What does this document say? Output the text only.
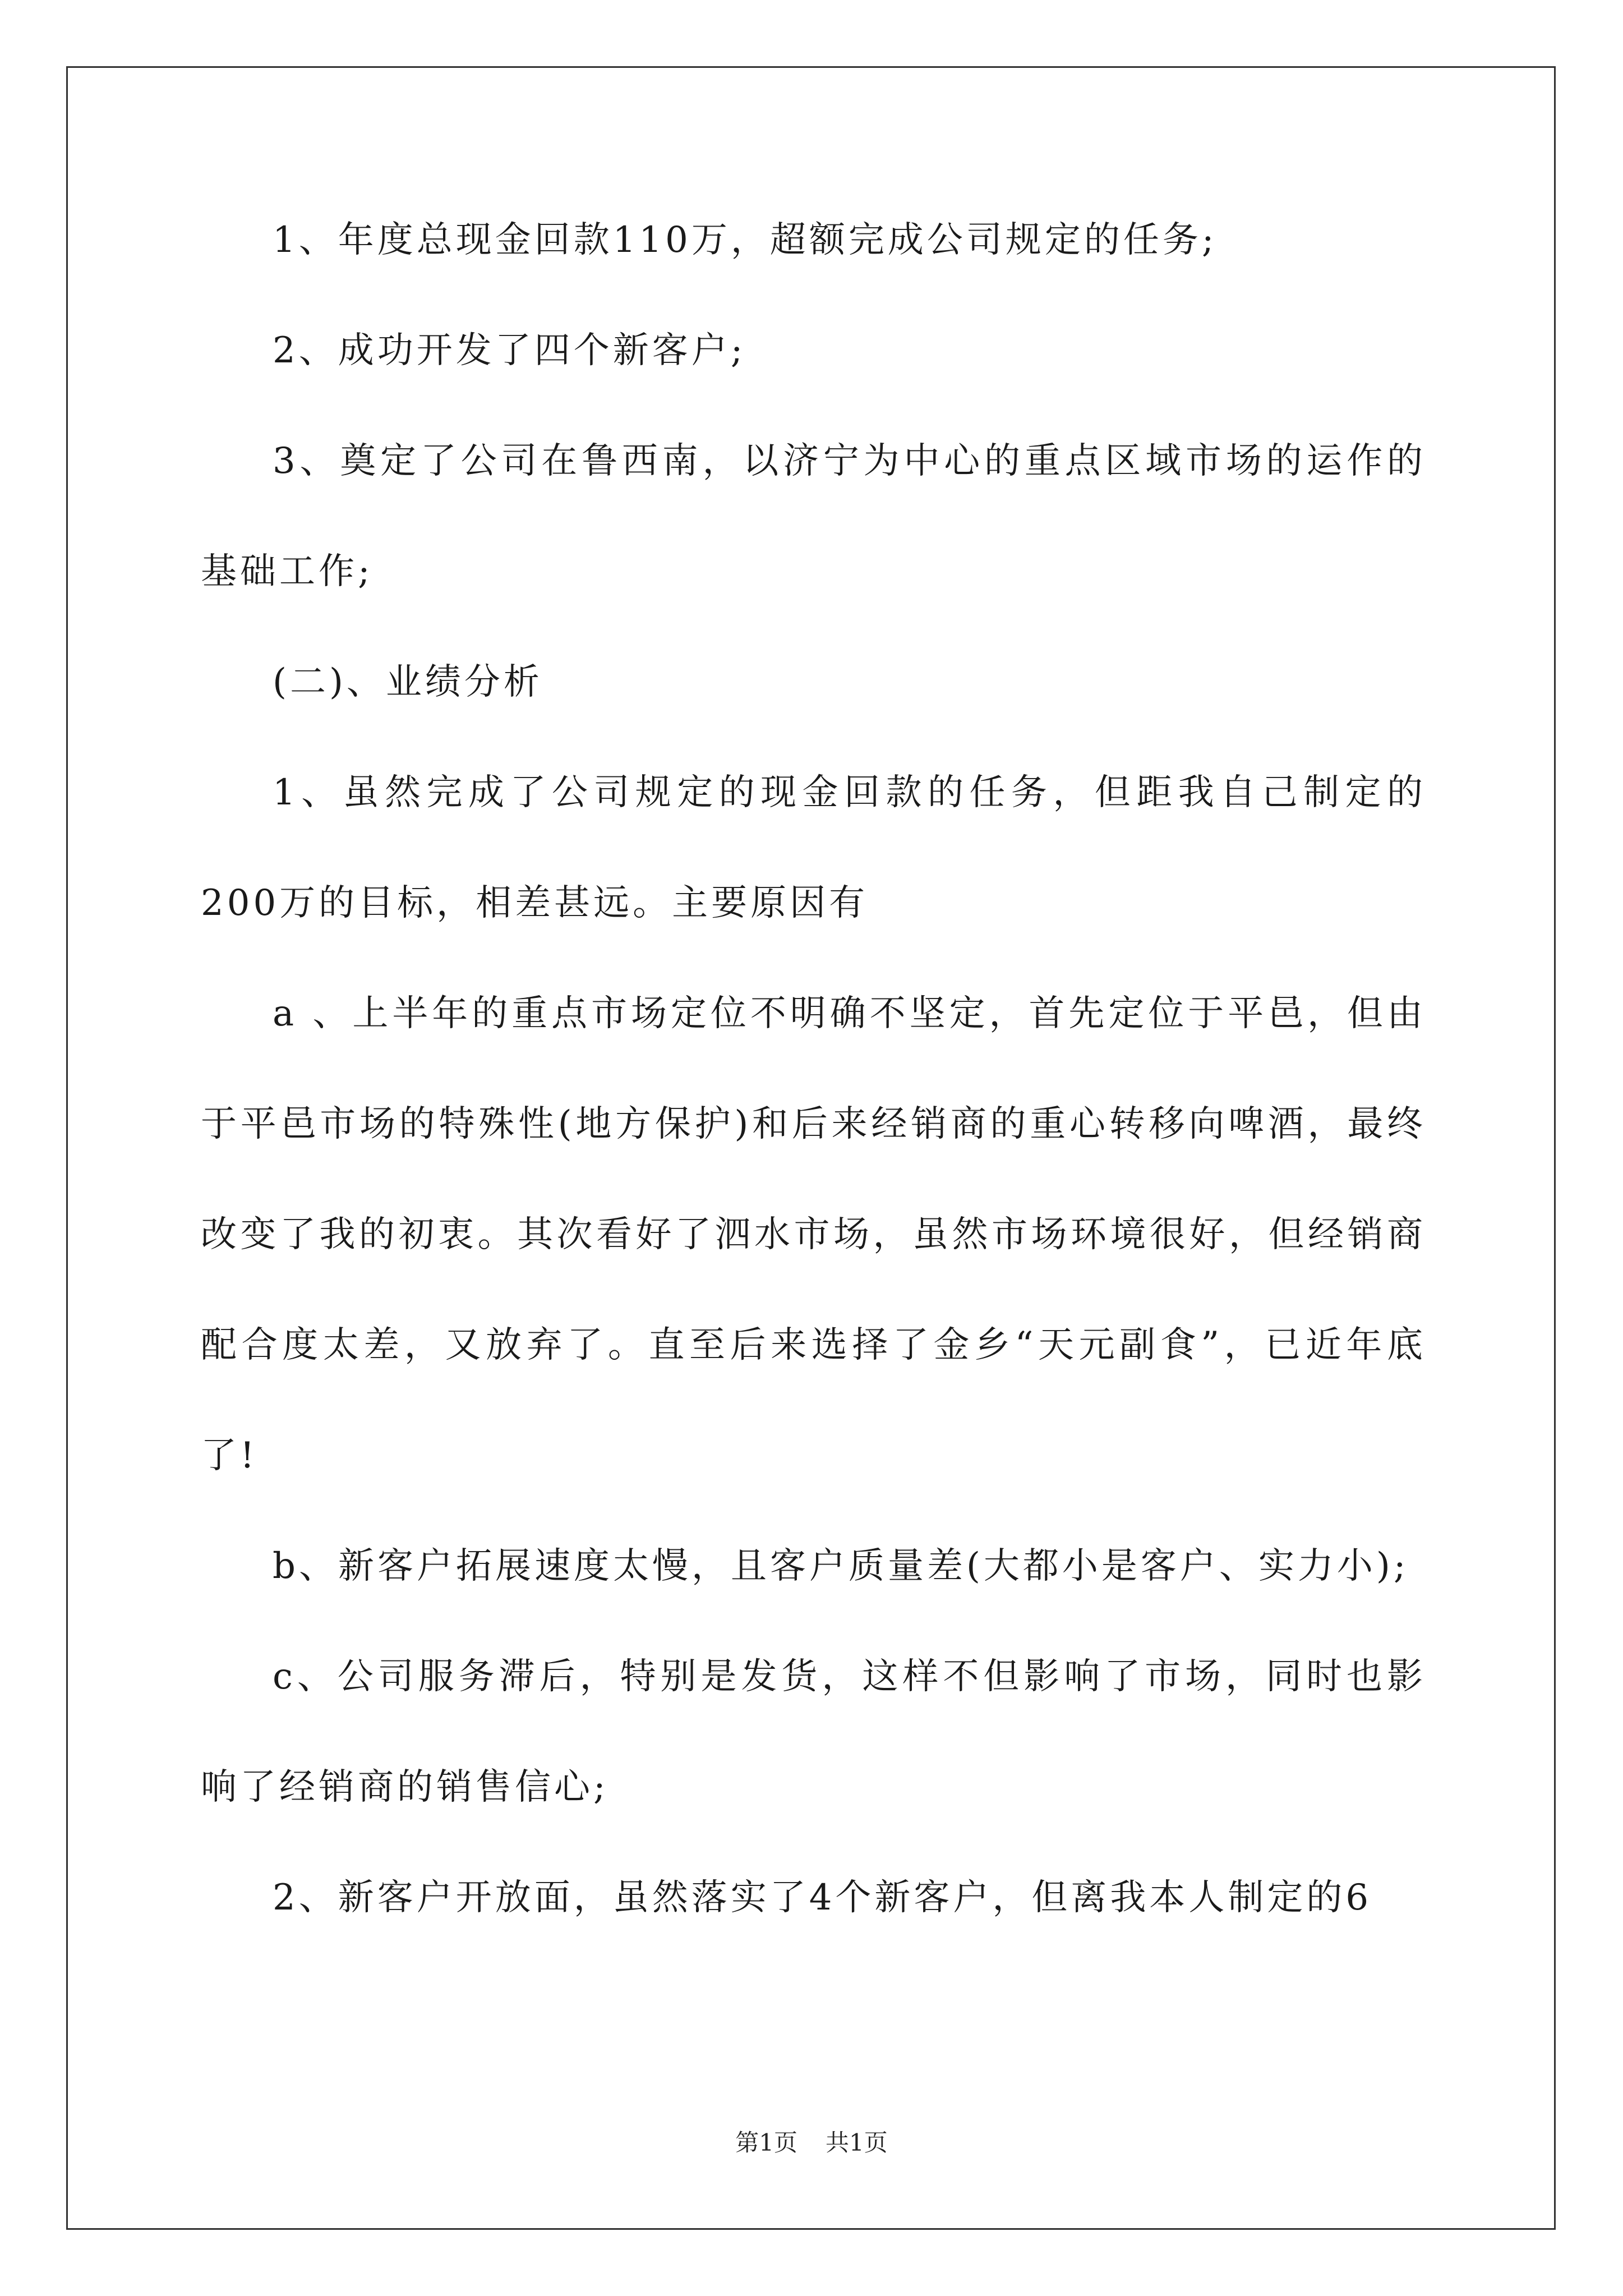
1、年度总现金回款110万，超额完成公司规定的任务;

2、成功开发了四个新客户;

3、奠定了公司在鲁西南，以济宁为中心的重点区域市场的运作的基础工作;

(二)、业绩分析

1、虽然完成了公司规定的现金回款的任务，但距我自己制定的200万的目标，相差甚远。主要原因有

a 、上半年的重点市场定位不明确不坚定，首先定位于平邑，但由于平邑市场的特殊性(地方保护)和后来经销商的重心转移向啤酒，最终改变了我的初衷。其次看好了泗水市场，虽然市场环境很好，但经销商配合度太差，又放弃了。直至后来选择了金乡“天元副食”，已近年底了!

b、新客户拓展速度太慢，且客户质量差(大都小是客户、实力小);

c、公司服务滞后，特别是发货，这样不但影响了市场，同时也影响了经销商的销售信心;

2、新客户开放面，虽然落实了4个新客户，但离我本人制定的6

第1页 共1页
